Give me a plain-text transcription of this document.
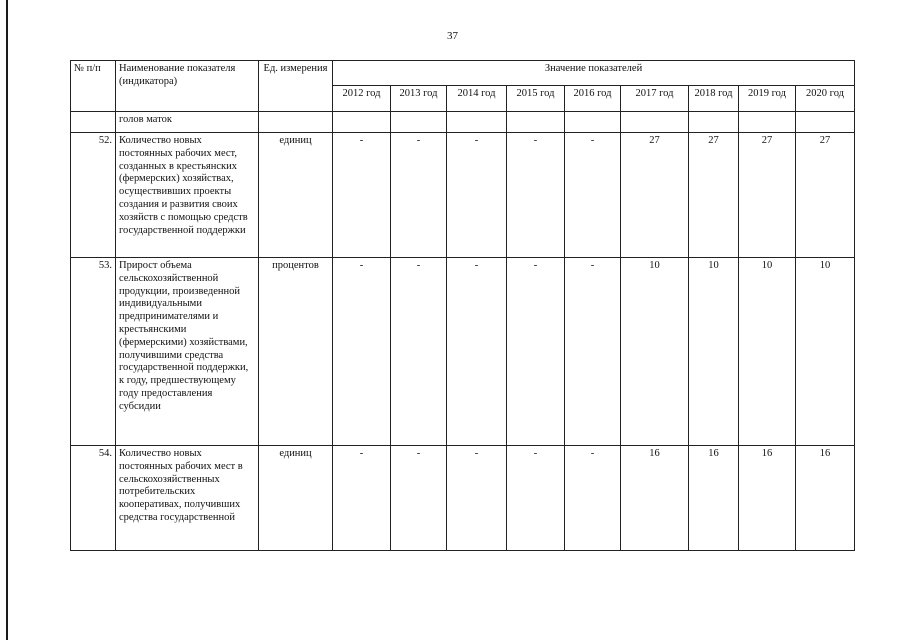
37
№ п/п	Наименование показателя (индикатора)	Ед. измерения	Значение показателей								
			2012 год	2013 год	2014 год	2015 год	2016 год	2017 год	2018 год	2019 год	2020 год
	голов маток										
52.	Количество новых постоянных рабочих мест, созданных в крестьянских (фермерских) хозяйствах, осуществивших проекты создания и развития своих хозяйств с помощью средств государственной поддержки	единиц	-	-	-	-	-	27	27	27	27
53.	Прирост объема сельскохозяйственной продукции, произведенной индивидуальными предпринимателями и крестьянскими (фермерскими) хозяйствами, получившими средства государственной поддержки, к году, предшествующему году предоставления субсидии	процентов	-	-	-	-	-	10	10	10	10
54.	Количество новых постоянных рабочих мест в сельскохозяйственных потребительских кооперативах, получивших средства государственной	единиц	-	-	-	-	-	16	16	16	16
